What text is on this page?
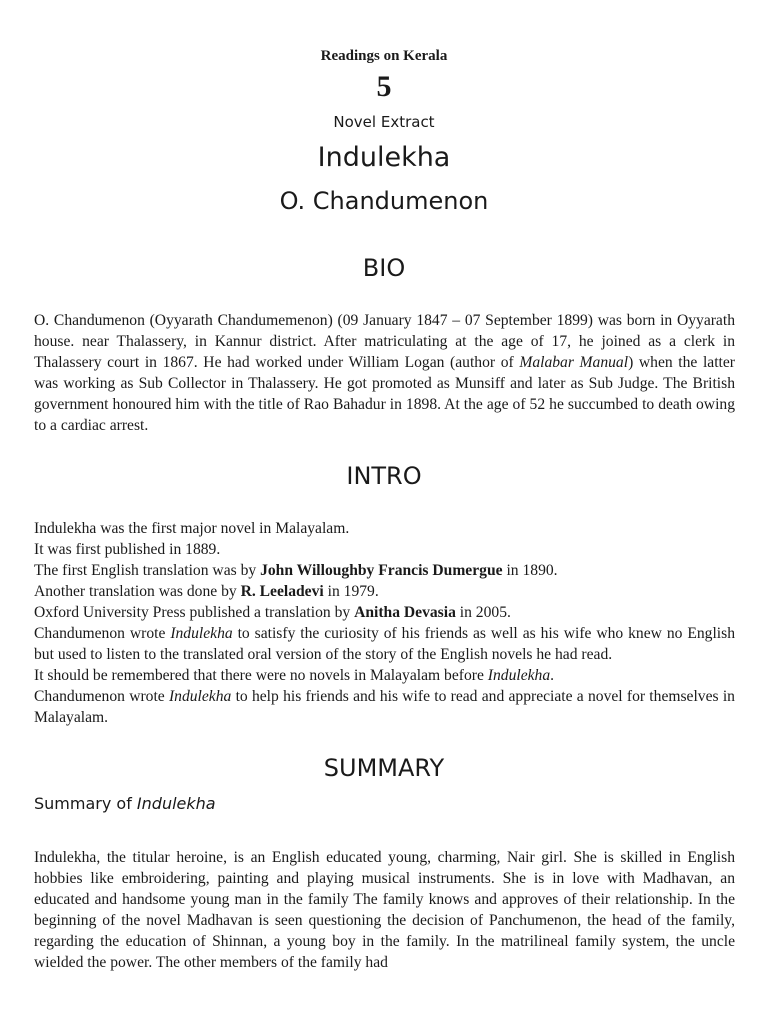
Readings on Kerala
5
Novel Extract
Indulekha
O. Chandumenon
BIO
O. Chandumenon (Oyyarath Chandumemenon) (09 January 1847 – 07 September 1899) was born in Oyyarath house. near Thalassery, in Kannur district. After matriculating at the age of 17, he joined as a clerk in Thalassery court in 1867. He had worked under William Logan (author of Malabar Manual) when the latter was working as Sub Collector in Thalassery. He got promoted as Munsiff and later as Sub Judge. The British government honoured him with the title of Rao Bahadur in 1898. At the age of 52 he succumbed to death owing to a cardiac arrest.
INTRO
Indulekha was the first major novel in Malayalam.
It was first published in 1889.
The first English translation was by John Willoughby Francis Dumergue in 1890.
Another translation was done by R. Leeladevi in 1979.
Oxford University Press published a translation by Anitha Devasia in 2005.
Chandumenon wrote Indulekha to satisfy the curiosity of his friends as well as his wife who knew no English but used to listen to the translated oral version of the story of the English novels he had read.
It should be remembered that there were no novels in Malayalam before Indulekha.
Chandumenon wrote Indulekha to help his friends and his wife to read and appreciate a novel for themselves in Malayalam.
SUMMARY
Summary of Indulekha
Indulekha, the titular heroine, is an English educated young, charming, Nair girl. She is skilled in English hobbies like embroidering, painting and playing musical instruments. She is in love with Madhavan, an educated and handsome young man in the family The family knows and approves of their relationship. In the beginning of the novel Madhavan is seen questioning the decision of Panchumenon, the head of the family, regarding the education of Shinnan, a young boy in the family. In the matrilineal family system, the uncle wielded the power. The other members of the family had
